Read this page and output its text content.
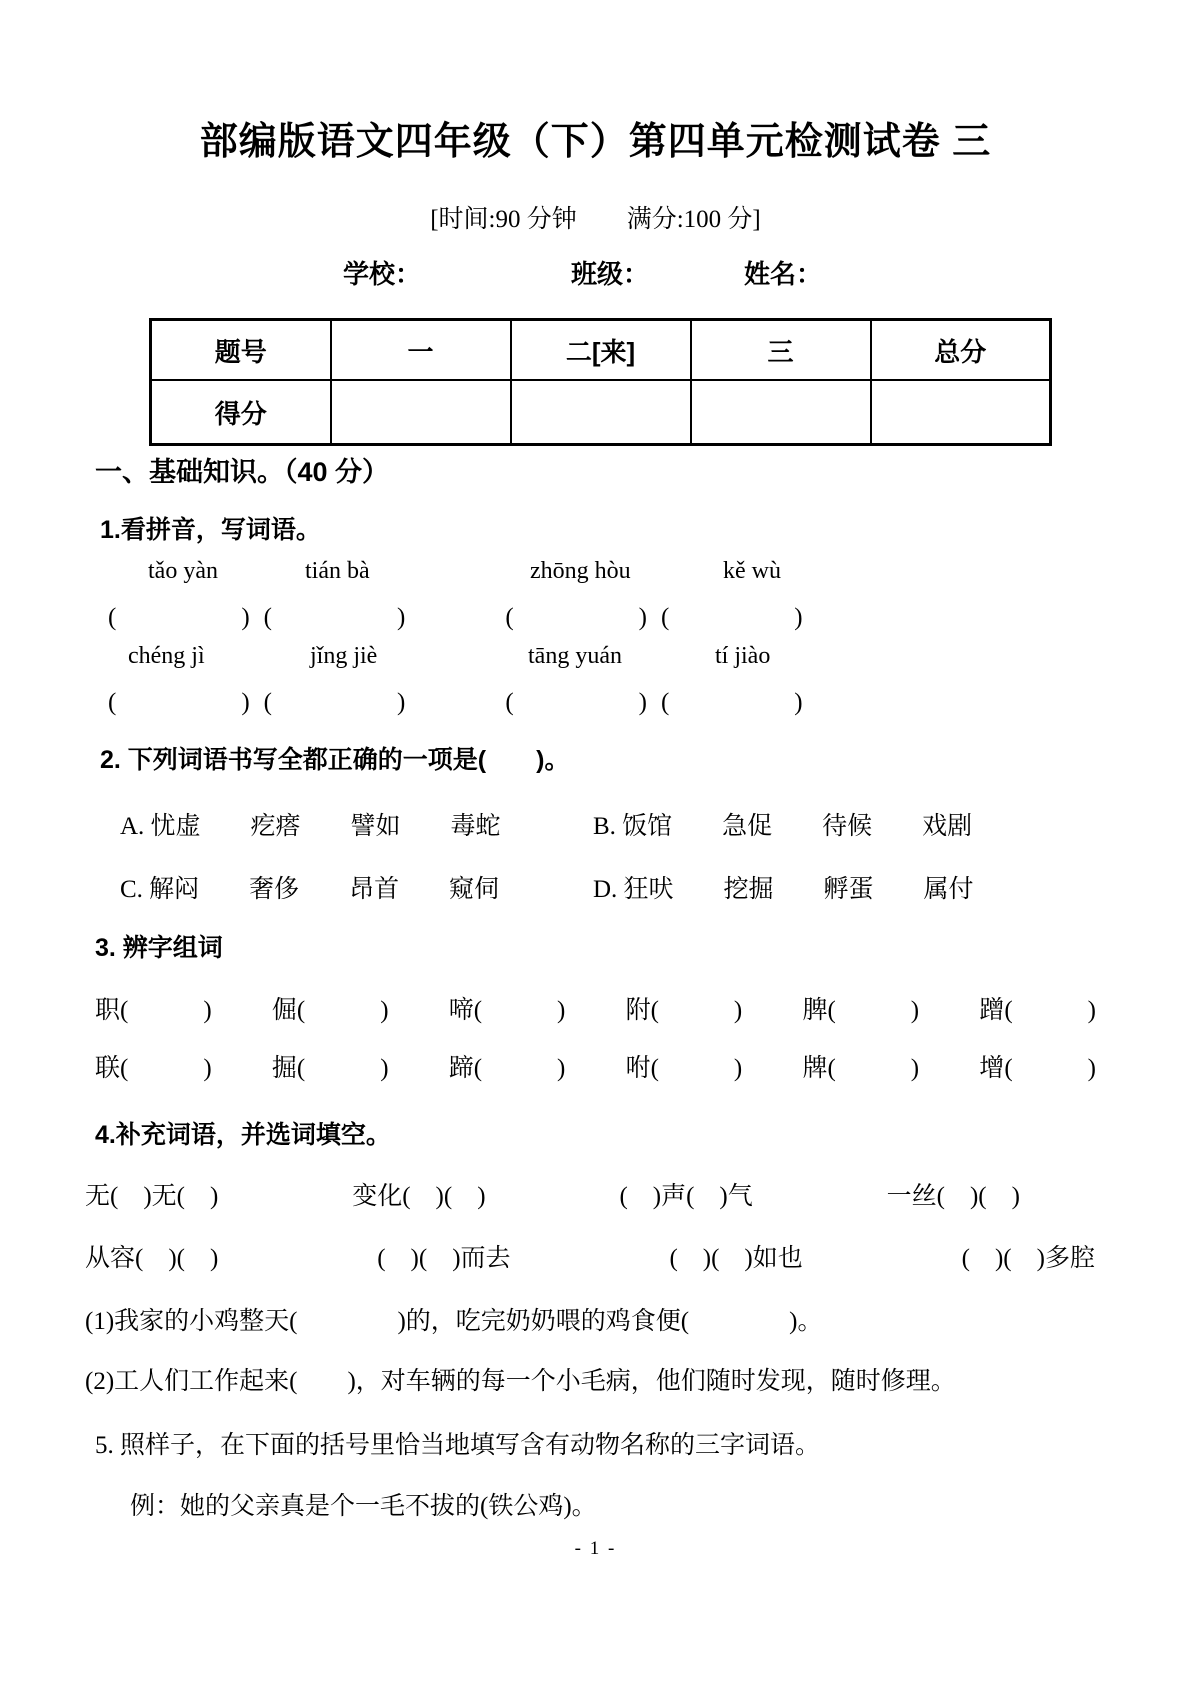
部编版语文四年级（下）第四单元检测试卷 三
[时间:90 分钟　　满分:100 分]
学校：	班级：	姓名：
题号	一	二[来]	三	总分
得分				
一、基础知识。（40 分）
1.看拼音，写词语。
tǎo yàn	tián bà	zhōng hòu	kě wù
(　　　　　) (　　　　　)	(　　　　　) (　　　　　)
chéng jì	jǐng jiè	tāng yuán	tí jiào
(　　　　　) (　　　　　)	(　　　　　) (　　　　　)
2. 下列词语书写全都正确的一项是(　　)。
A. 忧虚　　疙瘩　　譬如　　毒蛇	B. 饭馆　　急促　　待候　　戏剧
C. 解闷　　奢侈　　昂首　　窥伺	D. 狂吠　　挖掘　　孵蛋　　属付
3. 辨字组词
职(　　　) 倔(　　　) 啼(　　　) 附(　　　) 脾(　　　) 蹭(　　　)
联(　　　) 掘(　　　) 蹄(　　　) 咐(　　　) 牌(　　　) 增(　　　)
4.补充词语，并选词填空。
无(　)无(　)	变化(　)(　)	(　)声(　)气	一丝(　)(　)
从容(　)(　)	(　)(　)而去	(　)(　)如也	(　)(　)多腔
(1)我家的小鸡整天(　　　　)的，吃完奶奶喂的鸡食便(　　　　)。
(2)工人们工作起来(　　)，对车辆的每一个小毛病，他们随时发现，随时修理。
5. 照样子，在下面的括号里恰当地填写含有动物名称的三字词语。
例：她的父亲真是个一毛不拔的(铁公鸡)。
- 1 -
